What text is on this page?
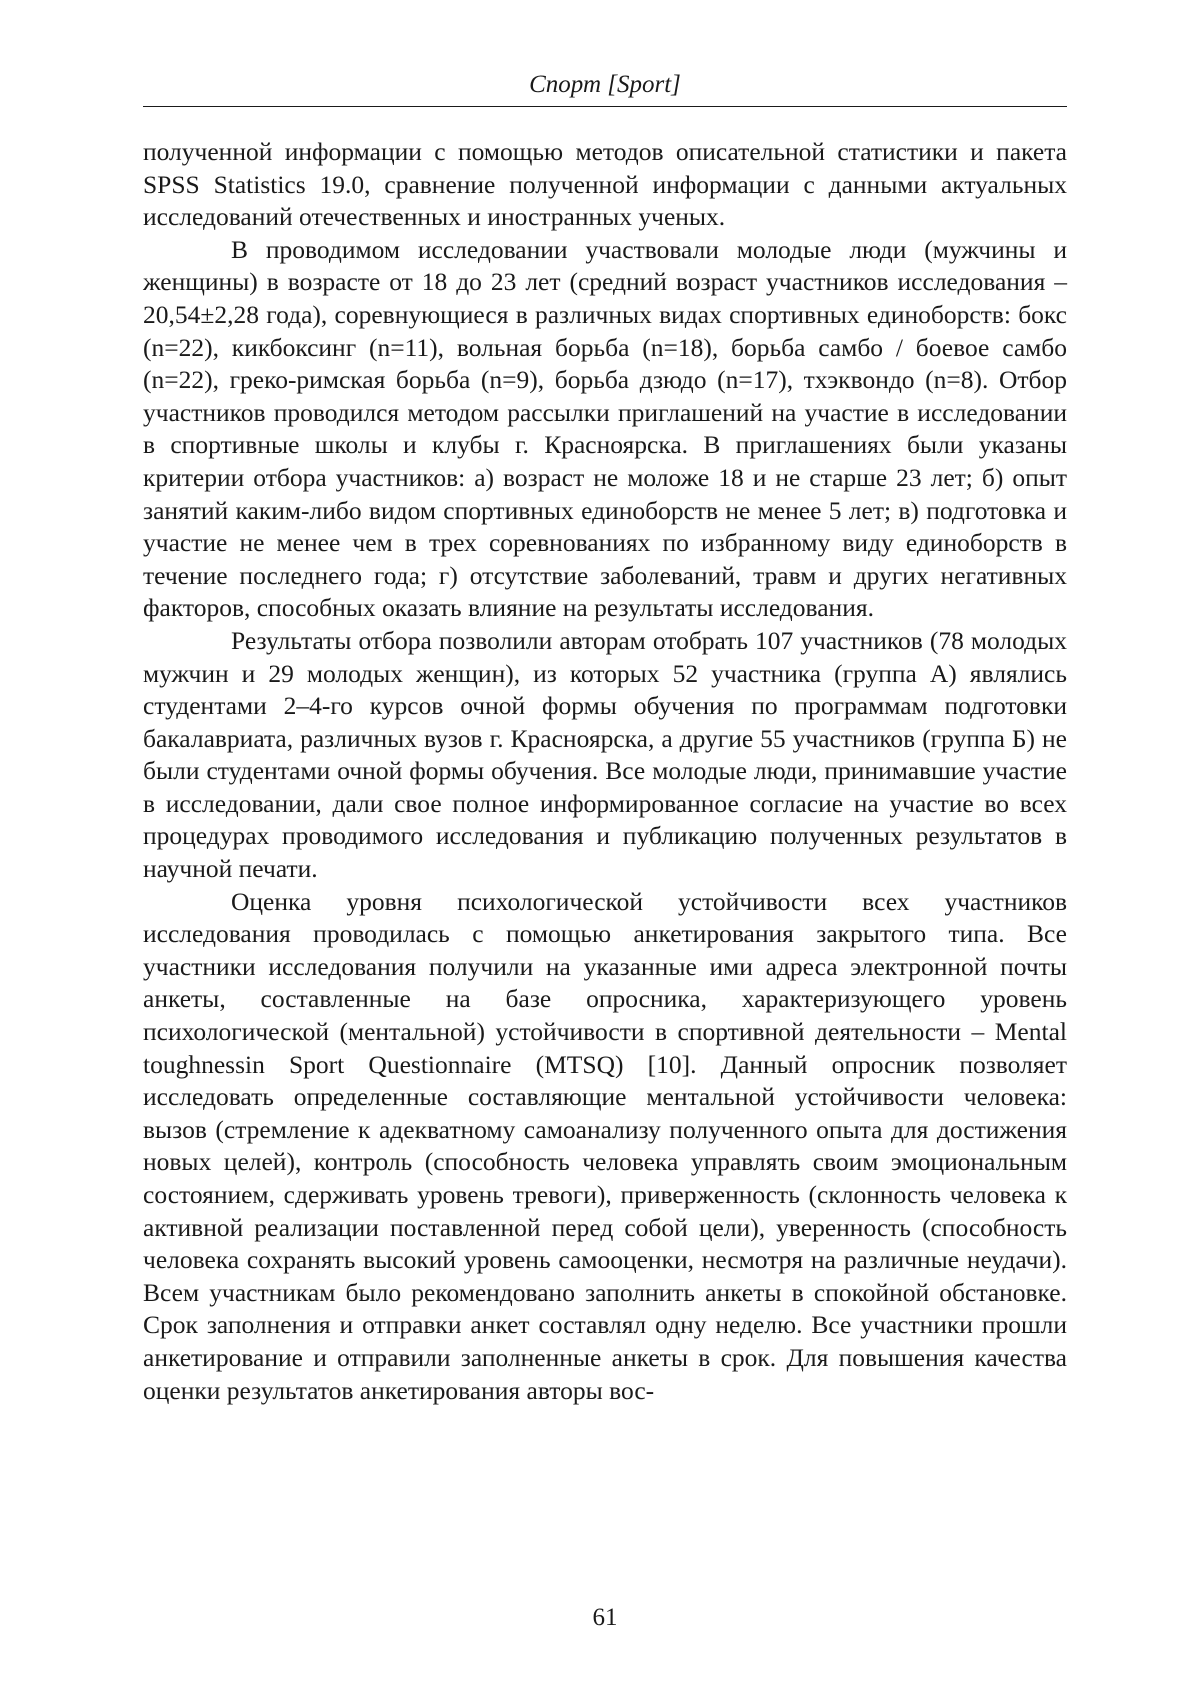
Спорт [Sport]

полученной информации с помощью методов описательной статистики и пакета SPSS Statistics 19.0, сравнение полученной информации с данными актуальных исследований отечественных и иностранных ученых.

В проводимом исследовании участвовали молодые люди (мужчины и женщины) в возрасте от 18 до 23 лет (средний возраст участников исследования – 20,54±2,28 года), соревнующиеся в различных видах спортивных единоборств: бокс (n=22), кикбоксинг (n=11), вольная борьба (n=18), борьба самбо / боевое самбо (n=22), греко-римская борьба (n=9), борьба дзюдо (n=17), тхэквондо (n=8). Отбор участников проводился методом рассылки приглашений на участие в исследовании в спортивные школы и клубы г. Красноярска. В приглашениях были указаны критерии отбора участников: а) возраст не моложе 18 и не старше 23 лет; б) опыт занятий каким-либо видом спортивных единоборств не менее 5 лет; в) подготовка и участие не менее чем в трех соревнованиях по избранному виду единоборств в течение последнего года; г) отсутствие заболеваний, травм и других негативных факторов, способных оказать влияние на результаты исследования.

Результаты отбора позволили авторам отобрать 107 участников (78 молодых мужчин и 29 молодых женщин), из которых 52 участника (группа А) являлись студентами 2–4-го курсов очной формы обучения по программам подготовки бакалавриата, различных вузов г. Красноярска, а другие 55 участников (группа Б) не были студентами очной формы обучения. Все молодые люди, принимавшие участие в исследовании, дали свое полное информированное согласие на участие во всех процедурах проводимого исследования и публикацию полученных результатов в научной печати.

Оценка уровня психологической устойчивости всех участников исследования проводилась с помощью анкетирования закрытого типа. Все участники исследования получили на указанные ими адреса электронной почты анкеты, составленные на базе опросника, характеризующего уровень психологической (ментальной) устойчивости в спортивной деятельности – Mental toughnessin Sport Questionnaire (MTSQ) [10]. Данный опросник позволяет исследовать определенные составляющие ментальной устойчивости человека: вызов (стремление к адекватному самоанализу полученного опыта для достижения новых целей), контроль (способность человека управлять своим эмоциональным состоянием, сдерживать уровень тревоги), приверженность (склонность человека к активной реализации поставленной перед собой цели), уверенность (способность человека сохранять высокий уровень самооценки, несмотря на различные неудачи). Всем участникам было рекомендовано заполнить анкеты в спокойной обстановке. Срок заполнения и отправки анкет составлял одну неделю. Все участники прошли анкетирование и отправили заполненные анкеты в срок. Для повышения качества оценки результатов анкетирования авторы вос-

61
